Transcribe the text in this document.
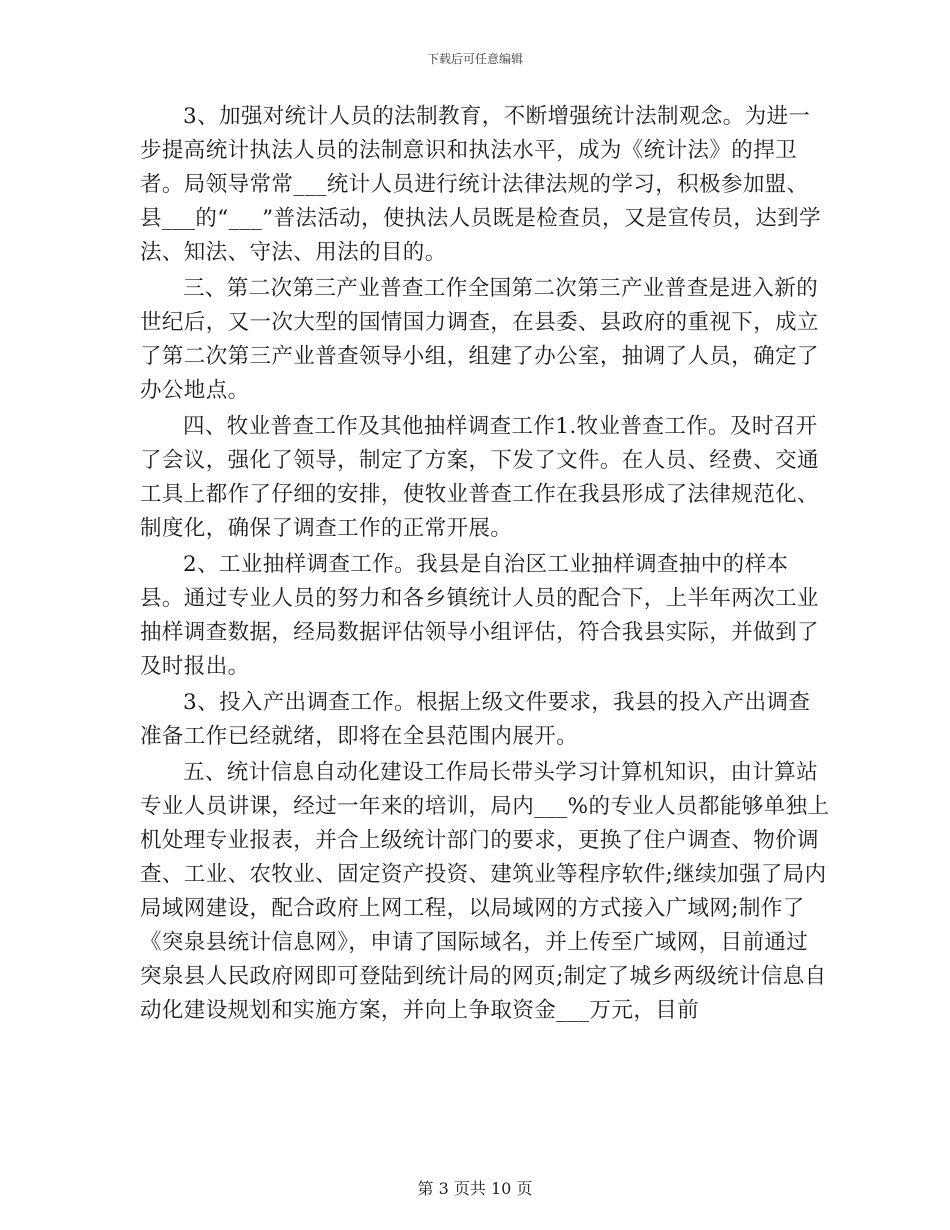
下载后可任意编辑

3、加强对统计人员的法制教育，不断增强统计法制观念。为进一步提高统计执法人员的法制意识和执法水平，成为《统计法》的捍卫者。局领导常常___统计人员进行统计法律法规的学习，积极参加盟、县___的“___”普法活动，使执法人员既是检查员，又是宣传员，达到学法、知法、守法、用法的目的。

三、第二次第三产业普查工作全国第二次第三产业普查是进入新的世纪后，又一次大型的国情国力调查，在县委、县政府的重视下，成立了第二次第三产业普查领导小组，组建了办公室，抽调了人员，确定了办公地点。

四、牧业普查工作及其他抽样调查工作1.牧业普查工作。及时召开了会议，强化了领导，制定了方案，下发了文件。在人员、经费、交通工具上都作了仔细的安排，使牧业普查工作在我县形成了法律规范化、制度化，确保了调查工作的正常开展。

2、工业抽样调查工作。我县是自治区工业抽样调查抽中的样本县。通过专业人员的努力和各乡镇统计人员的配合下，上半年两次工业抽样调查数据，经局数据评估领导小组评估，符合我县实际，并做到了及时报出。

3、投入产出调查工作。根据上级文件要求，我县的投入产出调查准备工作已经就绪，即将在全县范围内展开。

五、统计信息自动化建设工作局长带头学习计算机知识，由计算站专业人员讲课，经过一年来的培训，局内___%的专业人员都能够单独上机处理专业报表，并合上级统计部门的要求，更换了住户调查、物价调查、工业、农牧业、固定资产投资、建筑业等程序软件;继续加强了局内局域网建设，配合政府上网工程，以局域网的方式接入广域网;制作了《突泉县统计信息网》，申请了国际域名，并上传至广域网，目前通过突泉县人民政府网即可登陆到统计局的网页;制定了城乡两级统计信息自动化建设规划和实施方案，并向上争取资金___万元，目前

第 3 页共 10 页
